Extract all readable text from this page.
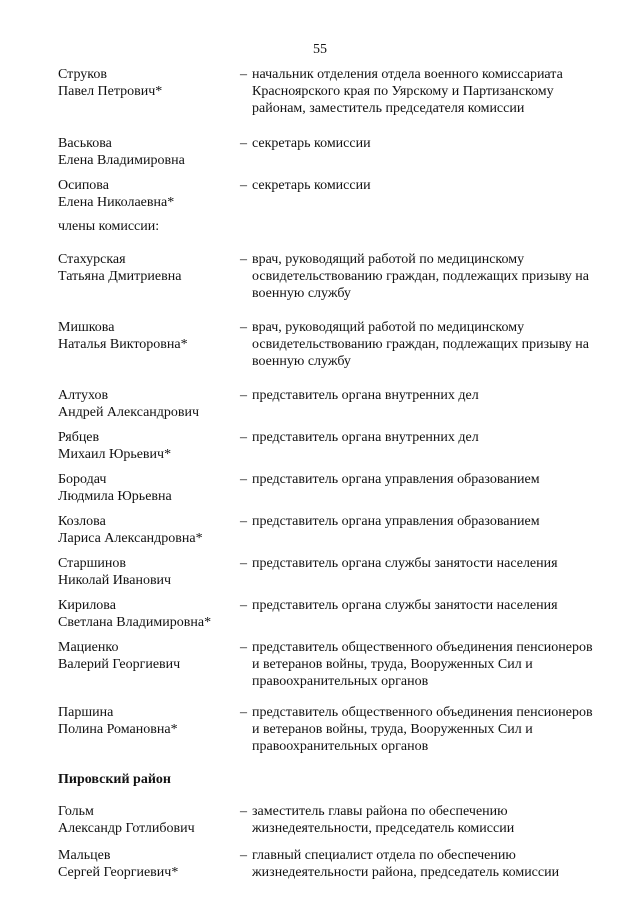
55
Струков
Павел Петрович*
– начальник отделения отдела военного комиссариата Красноярского края по Уярскому и Партизанскому районам, заместитель председателя комиссии
Васькова
Елена Владимировна
– секретарь комиссии
Осипова
Елена Николаевна*
– секретарь комиссии
члены комиссии:
Стахурская
Татьяна Дмитриевна
– врач, руководящий работой по медицинскому освидетельствованию граждан, подлежащих призыву на военную службу
Мишкова
Наталья Викторовна*
– врач, руководящий работой по медицинскому освидетельствованию граждан, подлежащих призыву на военную службу
Алтухов
Андрей Александрович
– представитель органа внутренних дел
Рябцев
Михаил Юрьевич*
– представитель органа внутренних дел
Бородач
Людмила Юрьевна
– представитель органа управления образованием
Козлова
Лариса Александровна*
– представитель органа управления образованием
Старшинов
Николай Иванович
– представитель органа службы занятости населения
Кирилова
Светлана Владимировна*
– представитель органа службы занятости населения
Мациенко
Валерий Георгиевич
– представитель общественного объединения пенсионеров и ветеранов войны, труда, Вооруженных Сил и правоохранительных органов
Паршина
Полина Романовна*
– представитель общественного объединения пенсионеров и ветеранов войны, труда, Вооруженных Сил и правоохранительных органов
Пировский район
Гольм
Александр Готлибович
– заместитель главы района по обеспечению жизнедеятельности, председатель комиссии
Мальцев
Сергей Георгиевич*
– главный специалист отдела по обеспечению жизнедеятельности района, председатель комиссии
